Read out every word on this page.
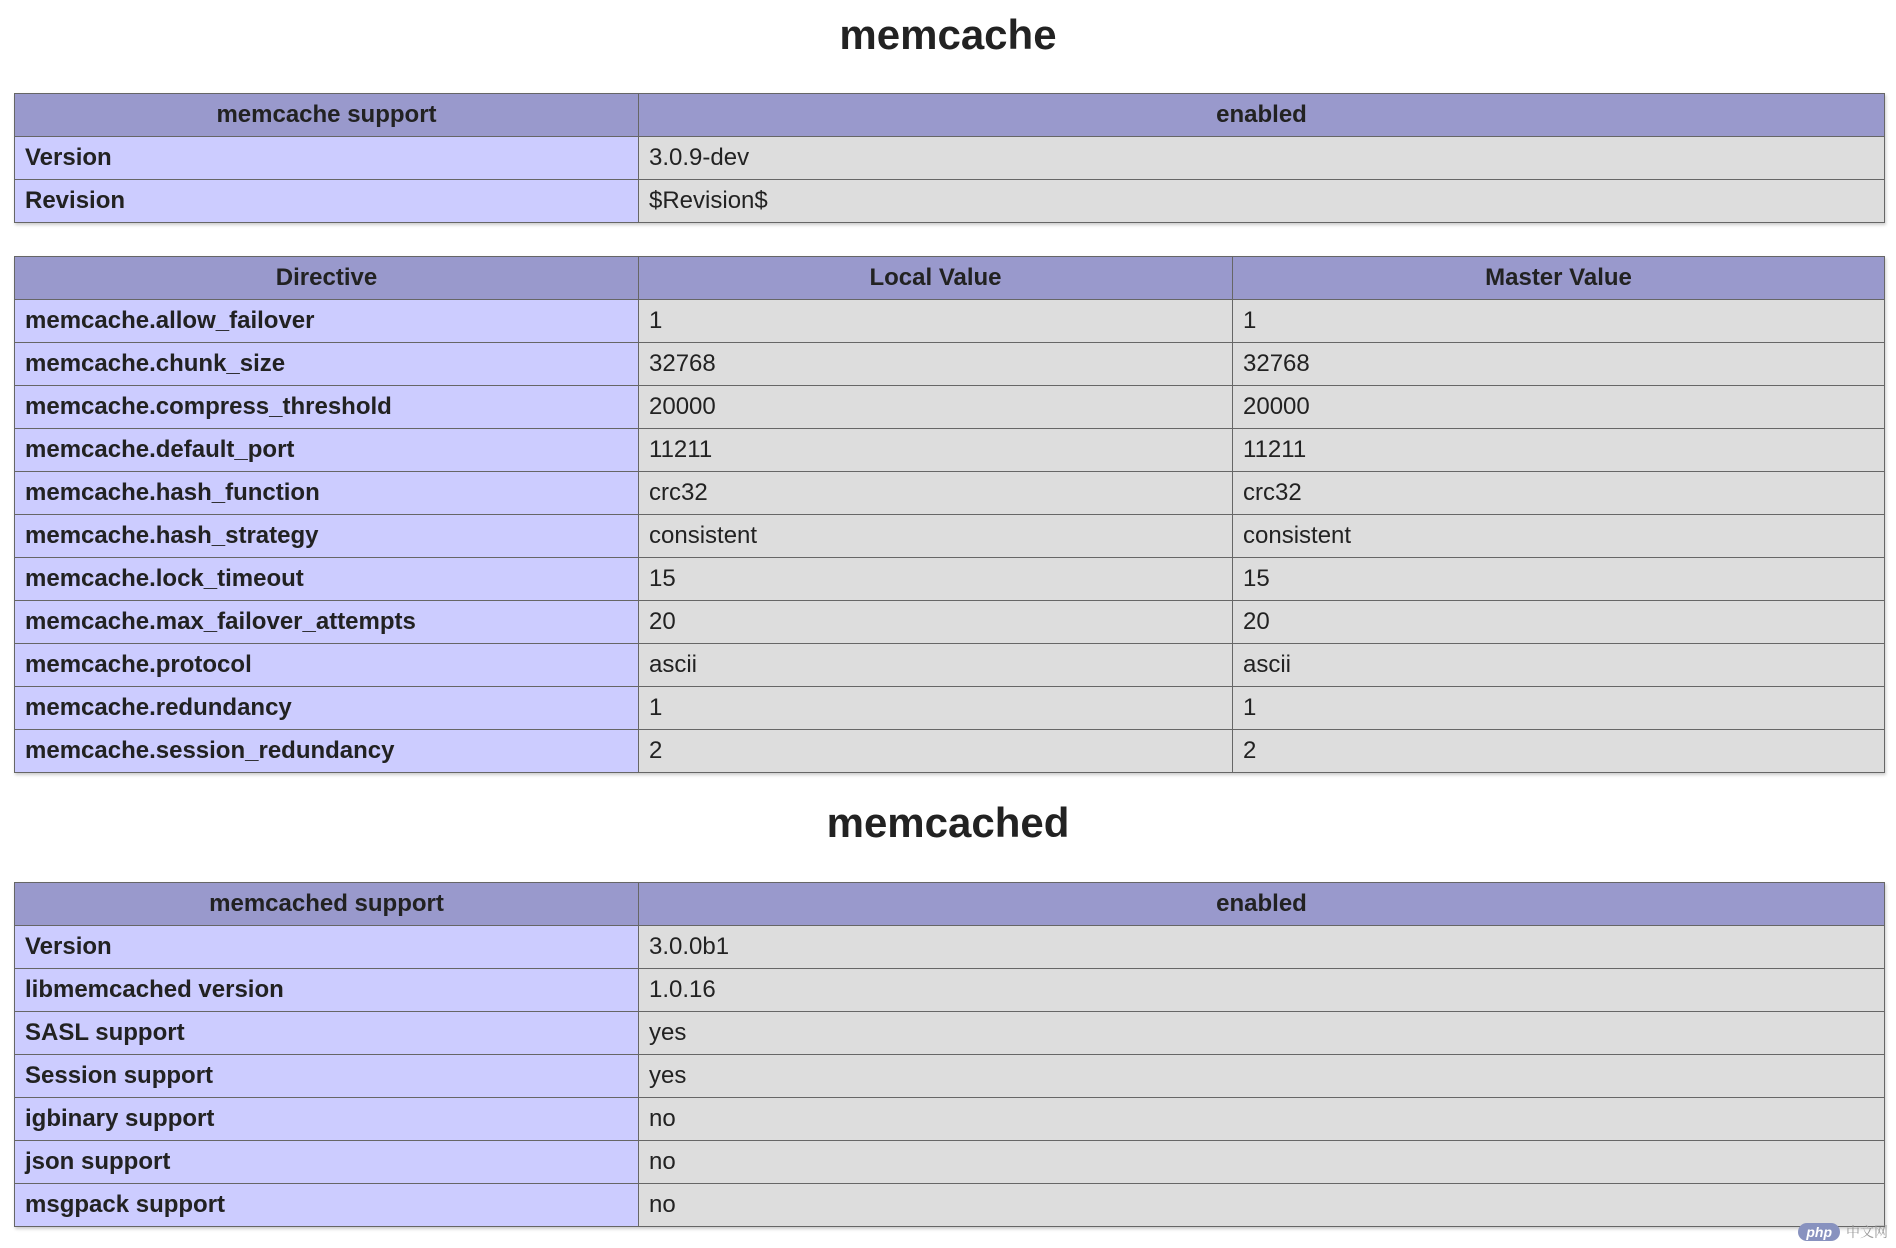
memcache
memcache support	enabled
Version	3.0.9-dev
Revision	$Revision$
Directive	Local Value	Master Value
memcache.allow_failover	1	1
memcache.chunk_size	32768	32768
memcache.compress_threshold	20000	20000
memcache.default_port	11211	11211
memcache.hash_function	crc32	crc32
memcache.hash_strategy	consistent	consistent
memcache.lock_timeout	15	15
memcache.max_failover_attempts	20	20
memcache.protocol	ascii	ascii
memcache.redundancy	1	1
memcache.session_redundancy	2	2
memcached
memcached support	enabled
Version	3.0.0b1
libmemcached version	1.0.16
SASL support	yes
Session support	yes
igbinary support	no
json support	no
msgpack support	no
php	中文网
